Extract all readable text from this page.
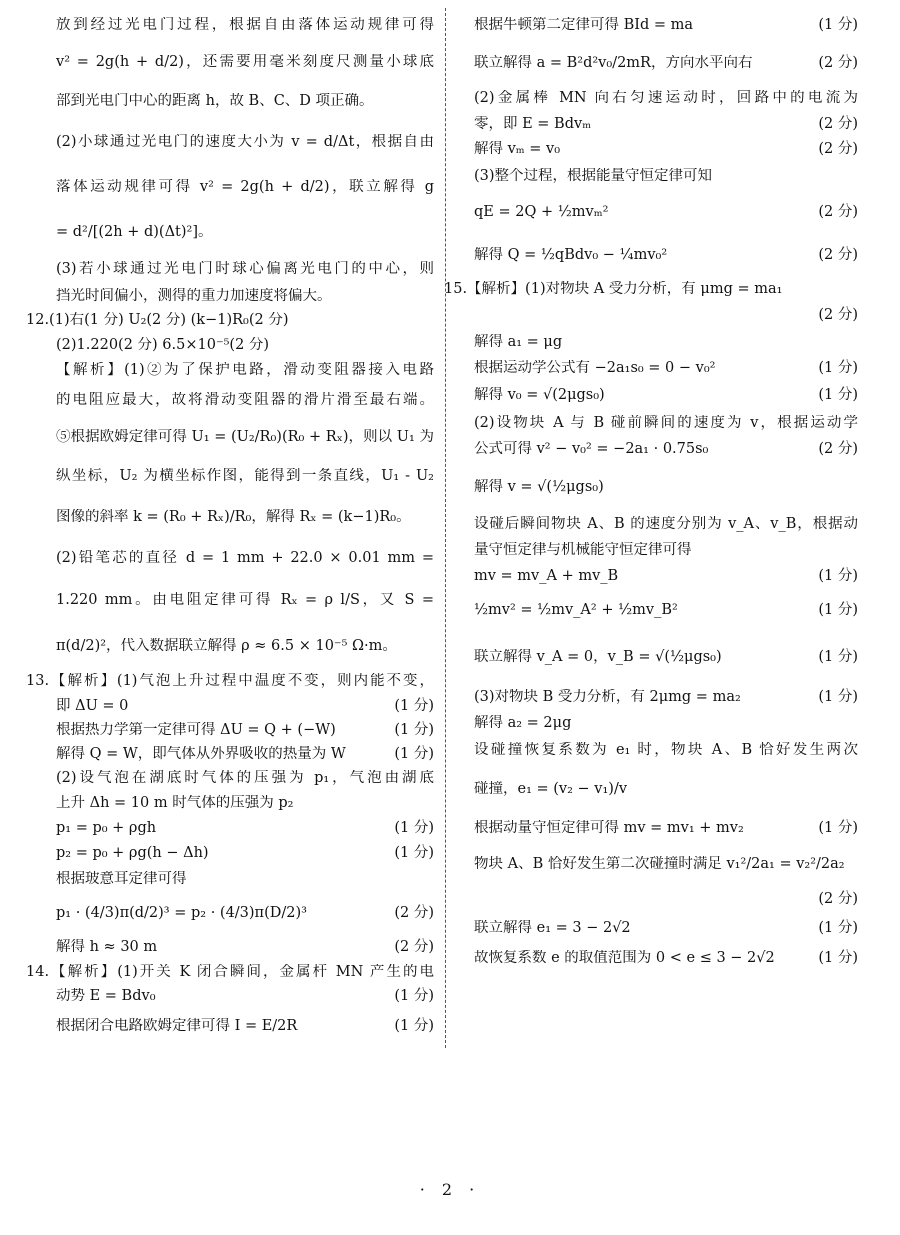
放到经过光电门过程，根据自由落体运动规律可得
v² = 2g(h + d/2)，还需要用毫米刻度尺测量小球底
部到光电门中心的距离 h，故 B、C、D 项正确。
(2)小球通过光电门的速度大小为 v = d/Δt，根据自由
落体运动规律可得 v² = 2g(h + d/2)，联立解得 g
= d²/[(2h + d)(Δt)²]。
(3)若小球通过光电门时球心偏离光电门的中心，则
挡光时间偏小，测得的重力加速度将偏大。
12.(1)右(1 分) U₂(2 分) (k−1)R₀(2 分)
(2)1.220(2 分) 6.5×10⁻⁵(2 分)
【解析】(1)②为了保护电路，滑动变阻器接入电路
的电阻应最大，故将滑动变阻器的滑片滑至最右端。
⑤根据欧姆定律可得 U₁ = (U₂/R₀)(R₀ + Rₓ)，则以 U₁ 为
纵坐标，U₂ 为横坐标作图，能得到一条直线，U₁ - U₂
图像的斜率 k = (R₀ + Rₓ)/R₀，解得 Rₓ = (k−1)R₀。
(2)铅笔芯的直径 d = 1 mm + 22.0 × 0.01 mm =
1.220 mm。由电阻定律可得 Rₓ = ρ l/S，又 S =
π(d/2)²，代入数据联立解得 ρ ≈ 6.5 × 10⁻⁵ Ω·m。
13.【解析】(1)气泡上升过程中温度不变，则内能不变，
即 ΔU = 0	(1 分)
根据热力学第一定律可得 ΔU = Q + (−W)	(1 分)
解得 Q = W，即气体从外界吸收的热量为 W	(1 分)
(2)设气泡在湖底时气体的压强为 p₁，气泡由湖底
上升 Δh = 10 m 时气体的压强为 p₂
p₁ = p₀ + ρgh	(1 分)
p₂ = p₀ + ρg(h − Δh)	(1 分)
根据玻意耳定律可得
p₁ · (4/3)π(d/2)³ = p₂ · (4/3)π(D/2)³	(2 分)
解得 h ≈ 30 m	(2 分)
14.【解析】(1)开关 K 闭合瞬间，金属杆 MN 产生的电
动势 E = Bdv₀	(1 分)
根据闭合电路欧姆定律可得 I = E/2R	(1 分)
根据牛顿第二定律可得 BId = ma	(1 分)
联立解得 a = B²d²v₀/2mR，方向水平向右	(2 分)
(2)金属棒 MN 向右匀速运动时，回路中的电流为
零，即 E = Bdvₘ	(2 分)
解得 vₘ = v₀	(2 分)
(3)整个过程，根据能量守恒定律可知
qE = 2Q + ½mvₘ²	(2 分)
解得 Q = ½qBdv₀ − ¼mv₀²	(2 分)
15.【解析】(1)对物块 A 受力分析，有 μmg = ma₁
(2 分)
解得 a₁ = μg
根据运动学公式有 −2a₁s₀ = 0 − v₀²	(1 分)
解得 v₀ = √(2μgs₀)	(1 分)
(2)设物块 A 与 B 碰前瞬间的速度为 v，根据运动学
公式可得 v² − v₀² = −2a₁ · 0.75s₀	(2 分)
解得 v = √(½μgs₀)
设碰后瞬间物块 A、B 的速度分别为 v_A、v_B，根据动
量守恒定律与机械能守恒定律可得
mv = mv_A + mv_B	(1 分)
½mv² = ½mv_A² + ½mv_B²	(1 分)
联立解得 v_A = 0，v_B = √(½μgs₀)	(1 分)
(3)对物块 B 受力分析，有 2μmg = ma₂	(1 分)
解得 a₂ = 2μg
设碰撞恢复系数为 e₁ 时，物块 A、B 恰好发生两次
碰撞，e₁ = (v₂ − v₁)/v
根据动量守恒定律可得 mv = mv₁ + mv₂	(1 分)
物块 A、B 恰好发生第二次碰撞时满足 v₁²/2a₁ = v₂²/2a₂
(2 分)
联立解得 e₁ = 3 − 2√2	(1 分)
故恢复系数 e 的取值范围为 0 < e ≤ 3 − 2√2	(1 分)
· 2 ·
